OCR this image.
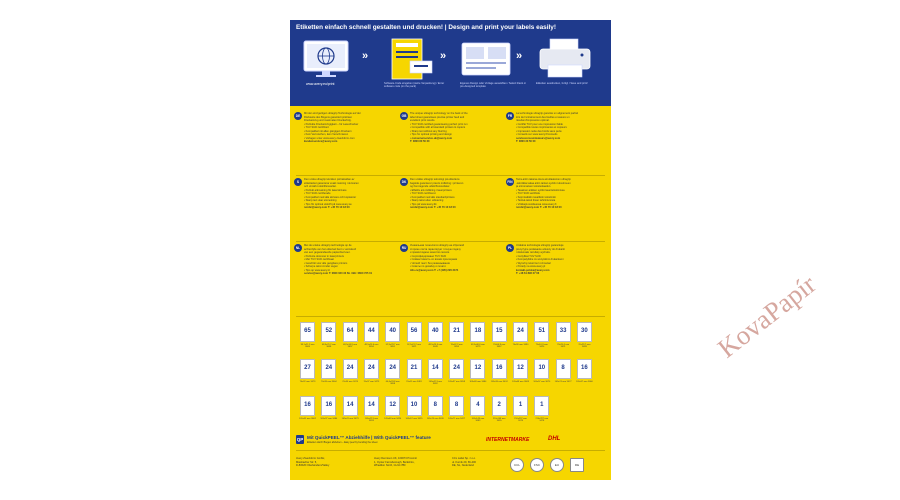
Etiketten einfach schnell gestalten und drucken! | Design and print your labels easily!
www.avery.eu/print
»
Software-Code eingeben (siehe Verpackung) / Enter software code (on the pack)
»
Eigenes Design oder Vorlage auswählen / Select blank or pre-designed template
»
Etiketten ausdrucken, fertig! / Save and print!
DE
Mit der einzigartigen ultragrip Technologie auf der
Rückseite des Bogens garantiert präzisen
Druckeinzug und maximalen Druckerfolg.
• Perfekte Druckeinzügigkeit – für Laserdrucker
• TÜV SÜD zertifiziert
• Kompatibel mit allen gängigen Druckern
• Kein Verrutschen, kein Verschmieren
• Vorlagen unter www.avery-zweckform.com
kundenservice@avery.com
GB
The unique ultragrip technology on the back of the
label sheet guarantees precise printer feed and
excellent print results.
• TÜV SÜD certified guaranteeing perfect print run
• Compatible with all standard printers & copiers
• Sharp text without any blurring
• Tips for optimal printing and design
• consumerservice-uk@avery.com
T: 0800 80 50 20
FR
La technologie ultragrip garantie un alignement parfait
lors de l'entraînement des feuilles et assure un
résultat d'impression optimal.
• Certifié TÜV pour une impression fiable
• Compatible toutes imprimantes et copieurs
• Impression nette des bords sans perte
• Conseils sur www.avery.fr/conseils
serviceconsommateurs@avery.com
T: 0800 30 50 00
S
Den unika ultragrip tekniken på baksidan av
etikettarket garanterar exakt matning i skrivaren
och utmärkt utskriftsresultat.
• Perfekt arkmatning för laserskrivare
• TÜV SÜD certifierade
• Kompatibel med alla skrivare och kopiatorer
• Skarp text utan utsmetning
• Tips för optimal utskrift på www.avery.se
nordic@avery.com T: +45 70 10 18 00
DK
Den unikke ultragrip teknologi på etikettens
bagside garanterer præcis indføring i printeren
og fremragende udskriftsresultater.
• Effektiv ark-indføring i laserprintere
• TÜV SÜD certificeret
• Kompatibel med alle standardprintere
• Skarp tekst uden udtværing
• Tips på www.avery.dk
nordic@avery.com T: +45 70 10 18 00
FIN
Tarra-arkin takana oleva ainutlaatuinen ultragrip
-tekniikka takaa arkin tarkan syötön tulostimeen
ja erinomaisen tulostuslaadun.
• Tasainen arkkien syöttö lasertulostimissa
• TÜV SÜD sertifioitu
• Sopii kaikkiin tavallisiin tulostimiin
• Terävä teksti ilman tahriintumista
• Vinkkejä osoitteessa www.avery.fi
nordic@avery.com T: +45 70 10 18 00
NL
Met de unieke ultragrip technologie op de
achterzijde van het etiketvel bent u verzekerd
van een gegarandeerde papierdoorvoer.
• Perfecte doorvoer in laserprinters
• Met TÜV SÜD certificaat
• Geschikt voor alle gangbare printers
• Scherpe tekst zonder vegen
• Tips op www.avery.nl
service@avery.com T: 0800 020 33 NL / BE: 0800 725 01
RU
Уникальная технология ultragrip на обратной
стороне листа гарантирует точную подачу
и превосходное качество печати.
• Сертифицировано TÜV SÜD
• Совместимость со всеми принтерами
• Чёткий текст без размазывания
• Советы по дизайну и печати
info-ru@avery.com T: +7 (495) 226 3474
PL
Unikalna technologia ultragrip gwarantuje
precyzyjne podawanie arkuszy do drukarki
i doskonałe rezultaty wydruku.
• Certyfikat TÜV SÜD
• Kompatybilne ze wszystkimi drukarkami
• Wyraźny tekst bez rozmazań
• Porady na www.avery.pl
kontakt-polska@avery.com
T: +48 61 896 27 06
65
38,1x21,2 mm 3666
52
48,5x21,2 mm 3668
64
48,5x16,9 mm 3657
44
48,5x25,4 mm 3654
40
52,5x29,7 mm 3651
56
52,5x21,2 mm 3421
40
48,5x25,4 mm 3649
21
70x42,3 mm 3653
18
63,5x46,6 mm 3479
15
70x50,8 mm 3667
24
70x36 mm 3490
51
70x16,9 mm 3420
33
70x25,4 mm 3421
30
70x29,7 mm 3489
27
70x32 mm 3479
24
70x35 mm 3664
24
70x36 mm 3474
24
70x37 mm 3475
24
64,6x33,8 mm 3658
21
70x41 mm 3481
14
105x42,3 mm 3652
24
105x37 mm 3659
12
105x48 mm 3484
16
105x35 mm 3424
12
105x48 mm 3669
10
105x57 mm 3670
8
105x74 mm 3427
16
105x37 mm 3660
16
105x35 mm 3662
16
105x37 mm 3484
14
105x41 mm 3479
14
105x42,3 mm 3653
12
105x48 mm 3424
10
105x57 mm 3425
8
105x74 mm 3426
8
105x71 mm 3427
4
105x148 mm 3483
2
210x148 mm 3655
1
210x297 mm 3478
1
210x297 mm 3478
QP Mit QuickPEEL™ Abziehhilfe | With QuickPEEL™ feature
Etiketten durch Biegen abziehen – Easy peel by bending the sheet	INTERNETMARKE	DHL
Avery Zweckform GmbH,
Miesbacher Str. 5,
D-83626 Oberlaindern/Valley
Avery Dennison UK, 100073 Proximit
1, Oyster Farnsborough, Berkshire,
Whaddon North, GU14 7BF
CCL Label Sp. z o.o.
ul. Kurnik 29, 66-400
DE, NL, Nederland	CCL	FSC	EU	RE
KovaPapír
